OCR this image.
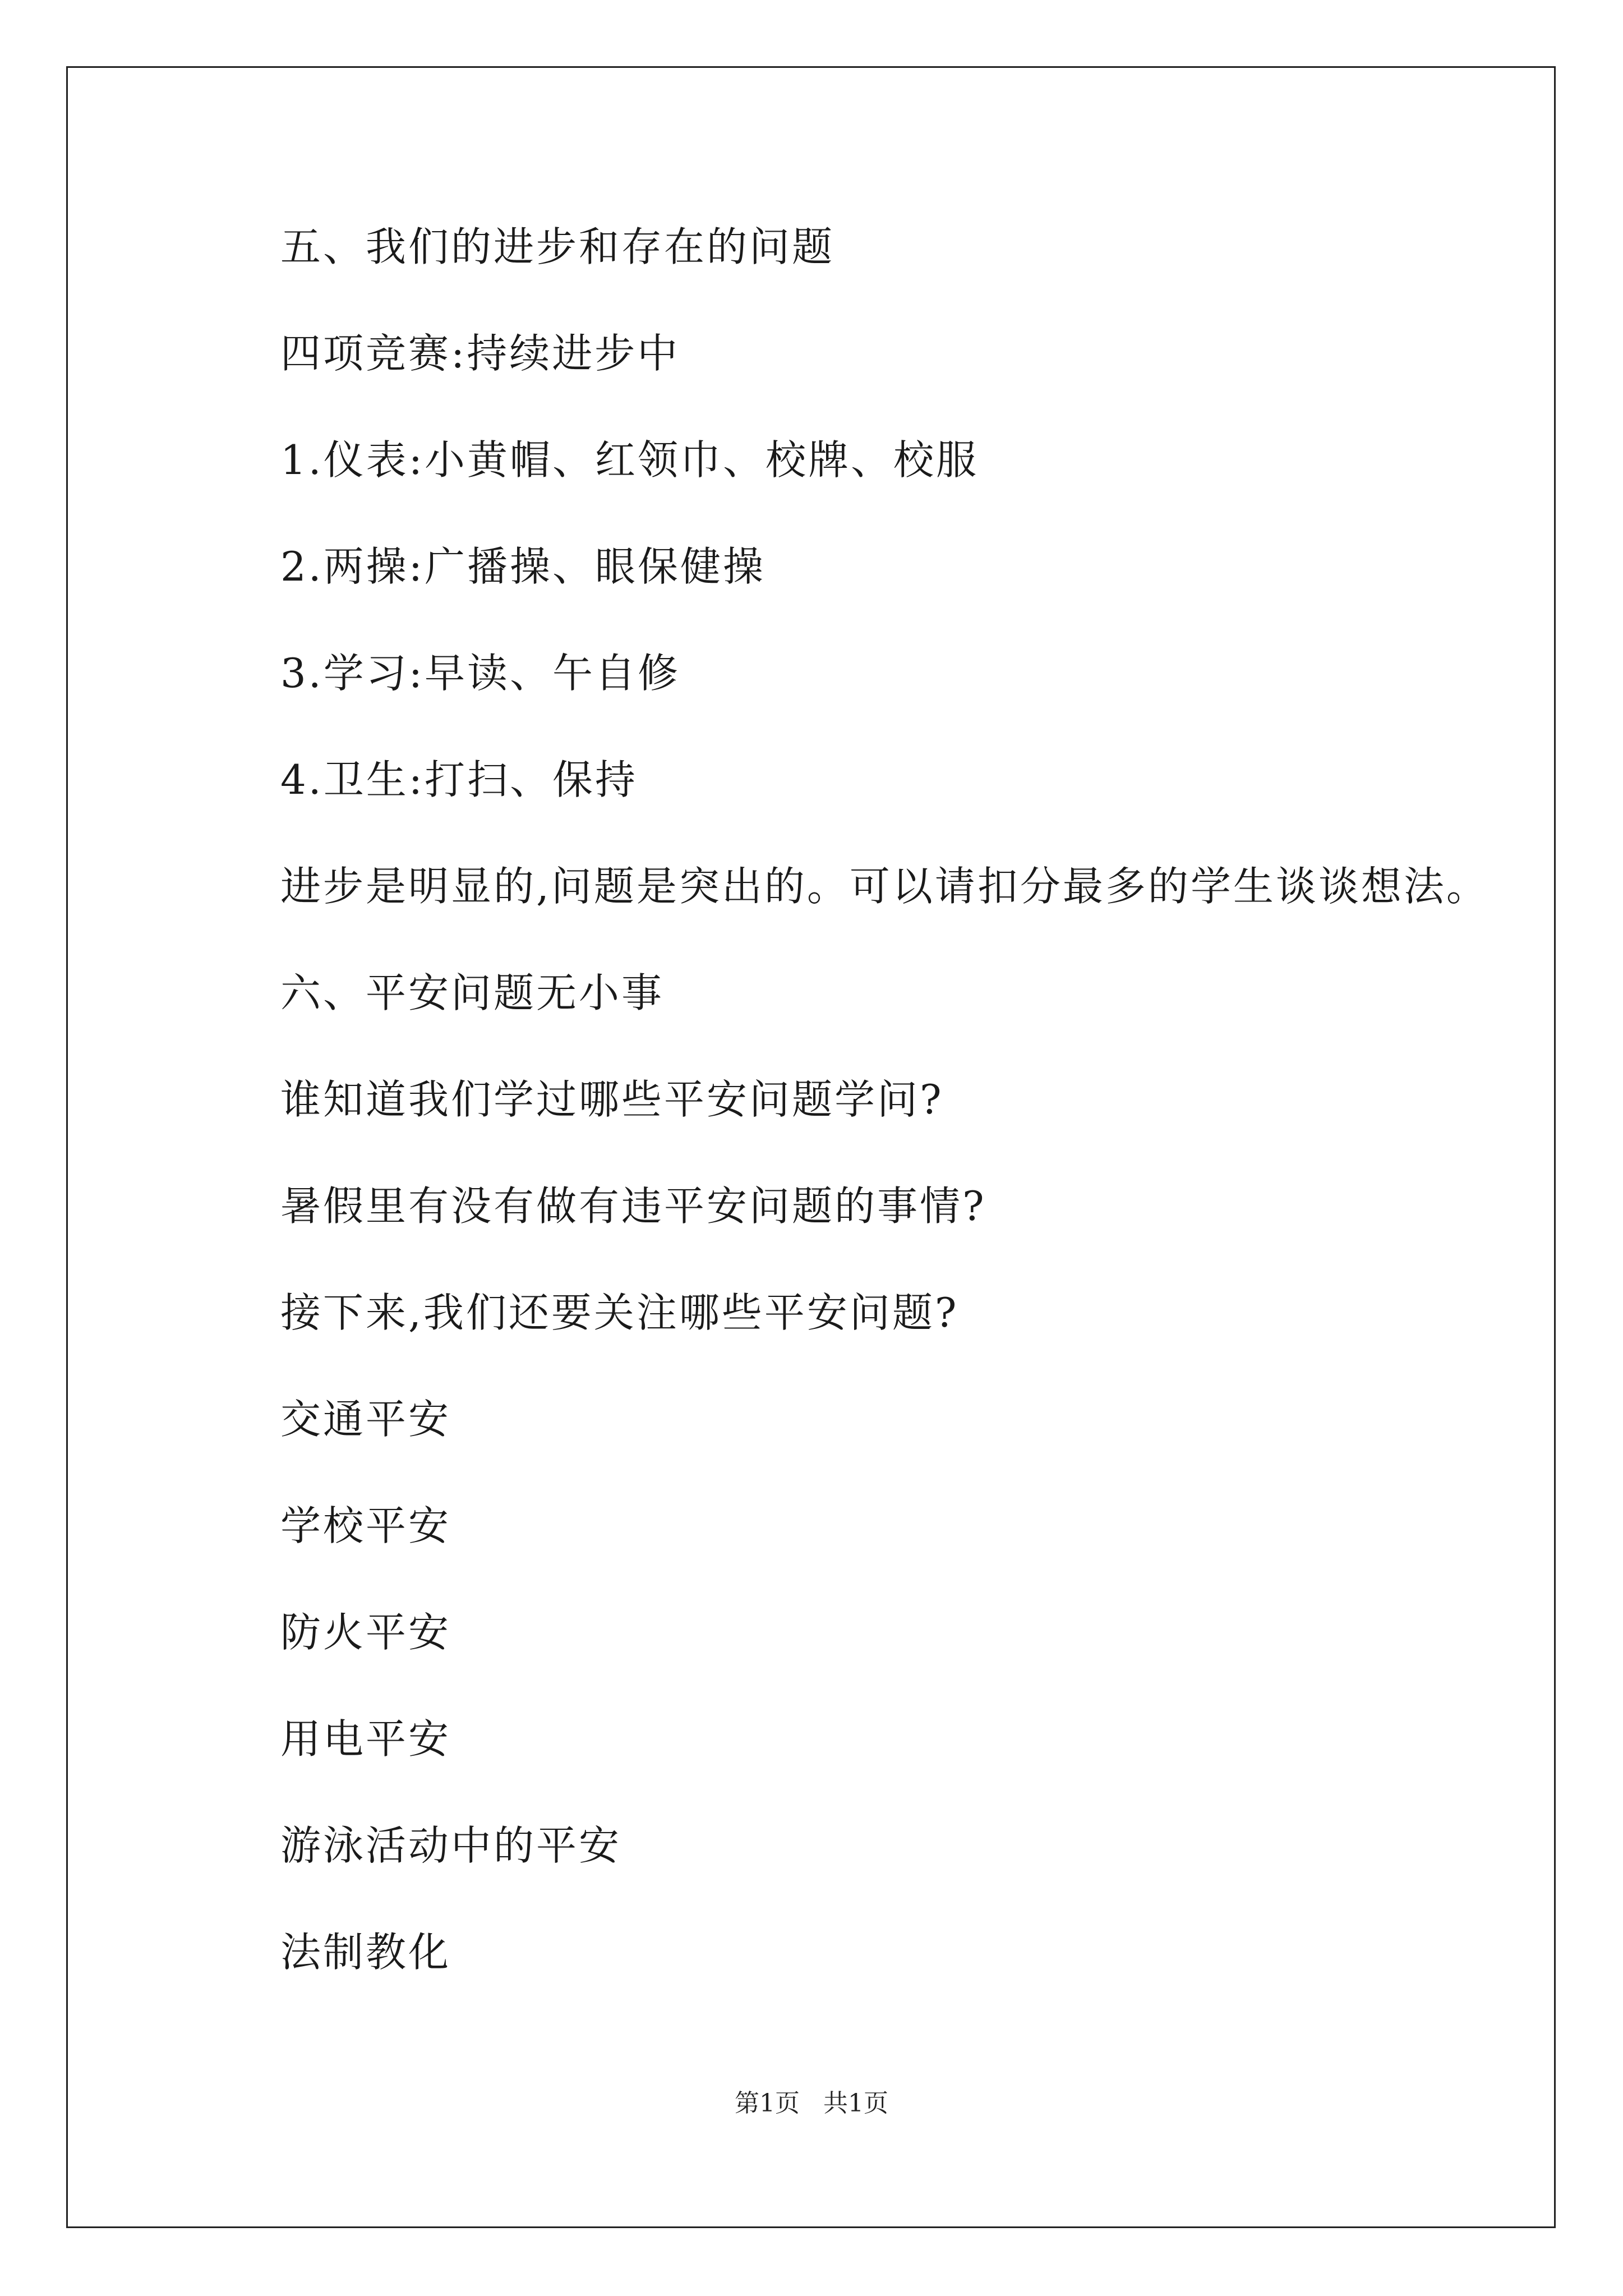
五、我们的进步和存在的问题
四项竞赛:持续进步中
1.仪表:小黄帽、红领巾、校牌、校服
2.两操:广播操、眼保健操
3.学习:早读、午自修
4.卫生:打扫、保持
进步是明显的,问题是突出的。可以请扣分最多的学生谈谈想法。
六、平安问题无小事
谁知道我们学过哪些平安问题学问?
暑假里有没有做有违平安问题的事情?
接下来,我们还要关注哪些平安问题?
交通平安
学校平安
防火平安
用电平安
游泳活动中的平安
法制教化
第1页 共1页
